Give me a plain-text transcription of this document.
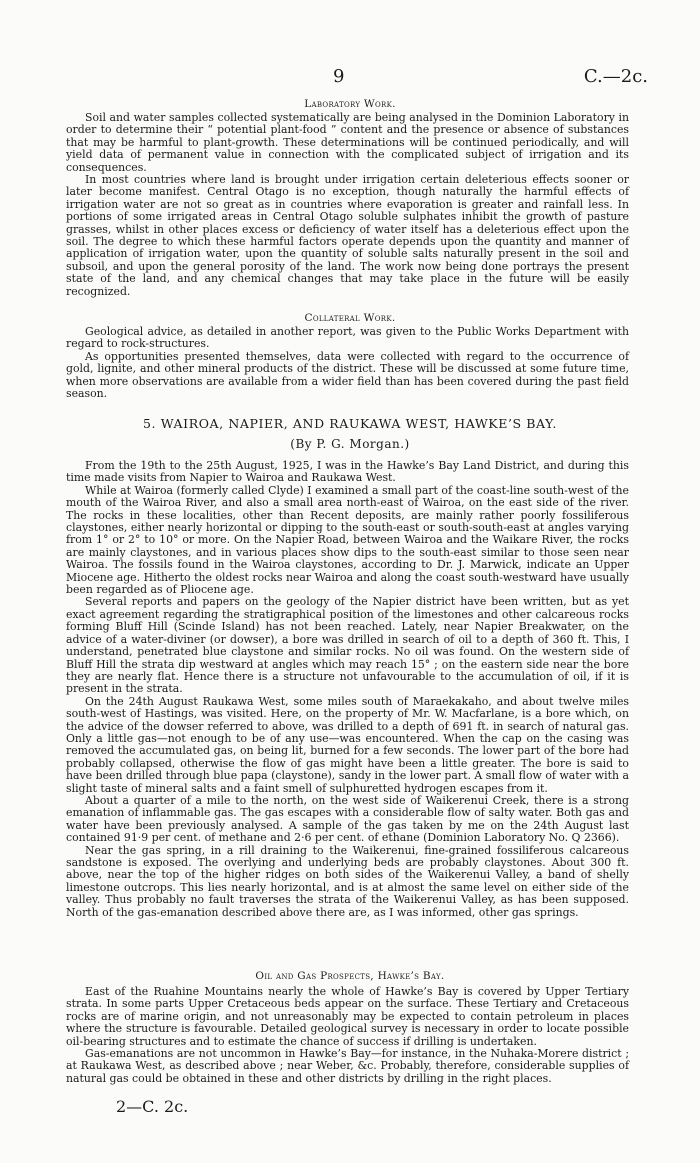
9	C.—2c.
Laboratory Work.

Soil and water samples collected systematically are being analysed in the Dominion Laboratory in order to determine their “ potential plant-food ” content and the presence or absence of substances that may be harmful to plant-growth. These determinations will be continued periodically, and will yield data of permanent value in connection with the complicated subject of irrigation and its consequences.

In most countries where land is brought under irrigation certain deleterious effects sooner or later become manifest. Central Otago is no exception, though naturally the harmful effects of irrigation water are not so great as in countries where evaporation is greater and rainfall less. In portions of some irrigated areas in Central Otago soluble sulphates inhibit the growth of pasture grasses, whilst in other places excess or deficiency of water itself has a deleterious effect upon the soil. The degree to which these harmful factors operate depends upon the quantity and manner of application of irrigation water, upon the quantity of soluble salts naturally present in the soil and subsoil, and upon the general porosity of the land. The work now being done portrays the present state of the land, and any chemical changes that may take place in the future will be easily recognized.

Collateral Work.

Geological advice, as detailed in another report, was given to the Public Works Department with regard to rock-structures.

As opportunities presented themselves, data were collected with regard to the occurrence of gold, lignite, and other mineral products of the district. These will be discussed at some future time, when more observations are available from a wider field than has been covered during the past field season.

5. WAIROA, NAPIER, AND RAUKAWA WEST, HAWKE’S BAY.
(By P. G. Morgan.)

From the 19th to the 25th August, 1925, I was in the Hawke’s Bay Land District, and during this time made visits from Napier to Wairoa and Raukawa West.

While at Wairoa (formerly called Clyde) I examined a small part of the coast-line south-west of the mouth of the Wairoa River, and also a small area north-east of Wairoa, on the east side of the river. The rocks in these localities, other than Recent deposits, are mainly rather poorly fossiliferous claystones, either nearly horizontal or dipping to the south-east or south-south-east at angles varying from 1° or 2° to 10° or more. On the Napier Road, between Wairoa and the Waikare River, the rocks are mainly claystones, and in various places show dips to the south-east similar to those seen near Wairoa. The fossils found in the Wairoa claystones, according to Dr. J. Marwick, indicate an Upper Miocene age. Hitherto the oldest rocks near Wairoa and along the coast south-westward have usually been regarded as of Pliocene age.

Several reports and papers on the geology of the Napier district have been written, but as yet exact agreement regarding the stratigraphical position of the limestones and other calcareous rocks forming Bluff Hill (Scinde Island) has not been reached. Lately, near Napier Breakwater, on the advice of a water-diviner (or dowser), a bore was drilled in search of oil to a depth of 360 ft. This, I understand, penetrated blue claystone and similar rocks. No oil was found. On the western side of Bluff Hill the strata dip westward at angles which may reach 15° ; on the eastern side near the bore they are nearly flat. Hence there is a structure not unfavourable to the accumulation of oil, if it is present in the strata.

On the 24th August Raukawa West, some miles south of Maraekakaho, and about twelve miles south-west of Hastings, was visited. Here, on the property of Mr. W. Macfarlane, is a bore which, on the advice of the dowser referred to above, was drilled to a depth of 691 ft. in search of natural gas. Only a little gas—not enough to be of any use—was encountered. When the cap on the casing was removed the accumulated gas, on being lit, burned for a few seconds. The lower part of the bore had probably collapsed, otherwise the flow of gas might have been a little greater. The bore is said to have been drilled through blue papa (claystone), sandy in the lower part. A small flow of water with a slight taste of mineral salts and a faint smell of sulphuretted hydrogen escapes from it.

About a quarter of a mile to the north, on the west side of Waikerenui Creek, there is a strong emanation of inflammable gas. The gas escapes with a considerable flow of salty water. Both gas and water have been previously analysed. A sample of the gas taken by me on the 24th August last contained 91·9 per cent. of methane and 2·6 per cent. of ethane (Dominion Laboratory No. Q 2366).

Near the gas spring, in a rill draining to the Waikerenui, fine-grained fossiliferous calcareous sandstone is exposed. The overlying and underlying beds are probably claystones. About 300 ft. above, near the top of the higher ridges on both sides of the Waikerenui Valley, a band of shelly limestone outcrops. This lies nearly horizontal, and is at almost the same level on either side of the valley. Thus probably no fault traverses the strata of the Waikerenui Valley, as has been supposed. North of the gas-emanation described above there are, as I was informed, other gas springs.

Oil and Gas Prospects, Hawke’s Bay.

East of the Ruahine Mountains nearly the whole of Hawke’s Bay is covered by Upper Tertiary strata. In some parts Upper Cretaceous beds appear on the surface. These Tertiary and Cretaceous rocks are of marine origin, and not unreasonably may be expected to contain petroleum in places where the structure is favourable. Detailed geological survey is necessary in order to locate possible oil-bearing structures and to estimate the chance of success if drilling is undertaken.

Gas-emanations are not uncommon in Hawke’s Bay—for instance, in the Nuhaka-Morere district ; at Raukawa West, as described above ; near Weber, &c. Probably, therefore, considerable supplies of natural gas could be obtained in these and other districts by drilling in the right places.

2—C. 2c.
